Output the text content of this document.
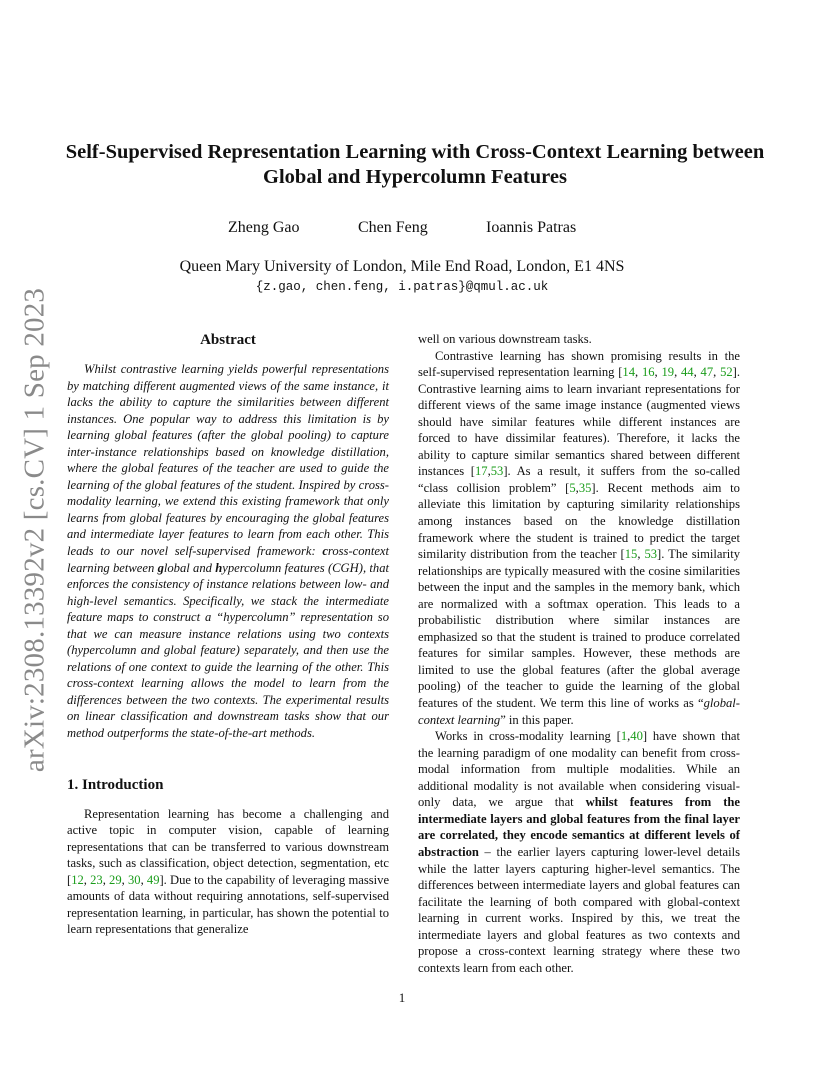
arXiv:2308.13392v2 [cs.CV] 1 Sep 2023
Self-Supervised Representation Learning with Cross-Context Learning between
Global and Hypercolumn Features
Zheng Gao	Chen Feng	Ioannis Patras
Queen Mary University of London, Mile End Road, London, E1 4NS
{z.gao, chen.feng, i.patras}@qmul.ac.uk
Abstract

Whilst contrastive learning yields powerful representations by matching different augmented views of the same instance, it lacks the ability to capture the similarities between different instances. One popular way to address this limitation is by learning global features (after the global pooling) to capture inter-instance relationships based on knowledge distillation, where the global features of the teacher are used to guide the learning of the global features of the student. Inspired by cross-modality learning, we extend this existing framework that only learns from global features by encouraging the global features and intermediate layer features to learn from each other. This leads to our novel self-supervised framework: cross-context learning between global and hypercolumn features (CGH), that enforces the consistency of instance relations between low- and high-level semantics. Specifically, we stack the intermediate feature maps to construct a “hypercolumn” representation so that we can measure instance relations using two contexts (hypercolumn and global feature) separately, and then use the relations of one context to guide the learning of the other. This cross-context learning allows the model to learn from the differences between the two contexts. The experimental results on linear classification and downstream tasks show that our method outperforms the state-of-the-art methods.

1. Introduction

Representation learning has become a challenging and active topic in computer vision, capable of learning representations that can be transferred to various downstream tasks, such as classification, object detection, segmentation, etc [12, 23, 29, 30, 49]. Due to the capability of leveraging massive amounts of data without requiring annotations, self-supervised representation learning, in particular, has shown the potential to learn representations that generalize

well on various downstream tasks.

Contrastive learning has shown promising results in the self-supervised representation learning [14, 16, 19, 44, 47, 52]. Contrastive learning aims to learn invariant representations for different views of the same image instance (augmented views should have similar features while different instances are forced to have dissimilar features). Therefore, it lacks the ability to capture similar semantics shared between different instances [17,53]. As a result, it suffers from the so-called “class collision problem” [5,35]. Recent methods aim to alleviate this limitation by capturing similarity relationships among instances based on the knowledge distillation framework where the student is trained to predict the target similarity distribution from the teacher [15, 53]. The similarity relationships are typically measured with the cosine similarities between the input and the samples in the memory bank, which are normalized with a softmax operation. This leads to a probabilistic distribution where similar instances are emphasized so that the student is trained to produce correlated features for similar samples. However, these methods are limited to use the global features (after the global average pooling) of the teacher to guide the learning of the global features of the student. We term this line of works as “global-context learning” in this paper.

Works in cross-modality learning [1,40] have shown that the learning paradigm of one modality can benefit from cross-modal information from multiple modalities. While an additional modality is not available when considering visual-only data, we argue that whilst features from the intermediate layers and global features from the final layer are correlated, they encode semantics at different levels of abstraction – the earlier layers capturing lower-level details while the latter layers capturing higher-level semantics. The differences between intermediate layers and global features can facilitate the learning of both compared with global-context learning in current works. Inspired by this, we treat the intermediate layers and global features as two contexts and propose a cross-context learning strategy where these two contexts learn from each other.

1
